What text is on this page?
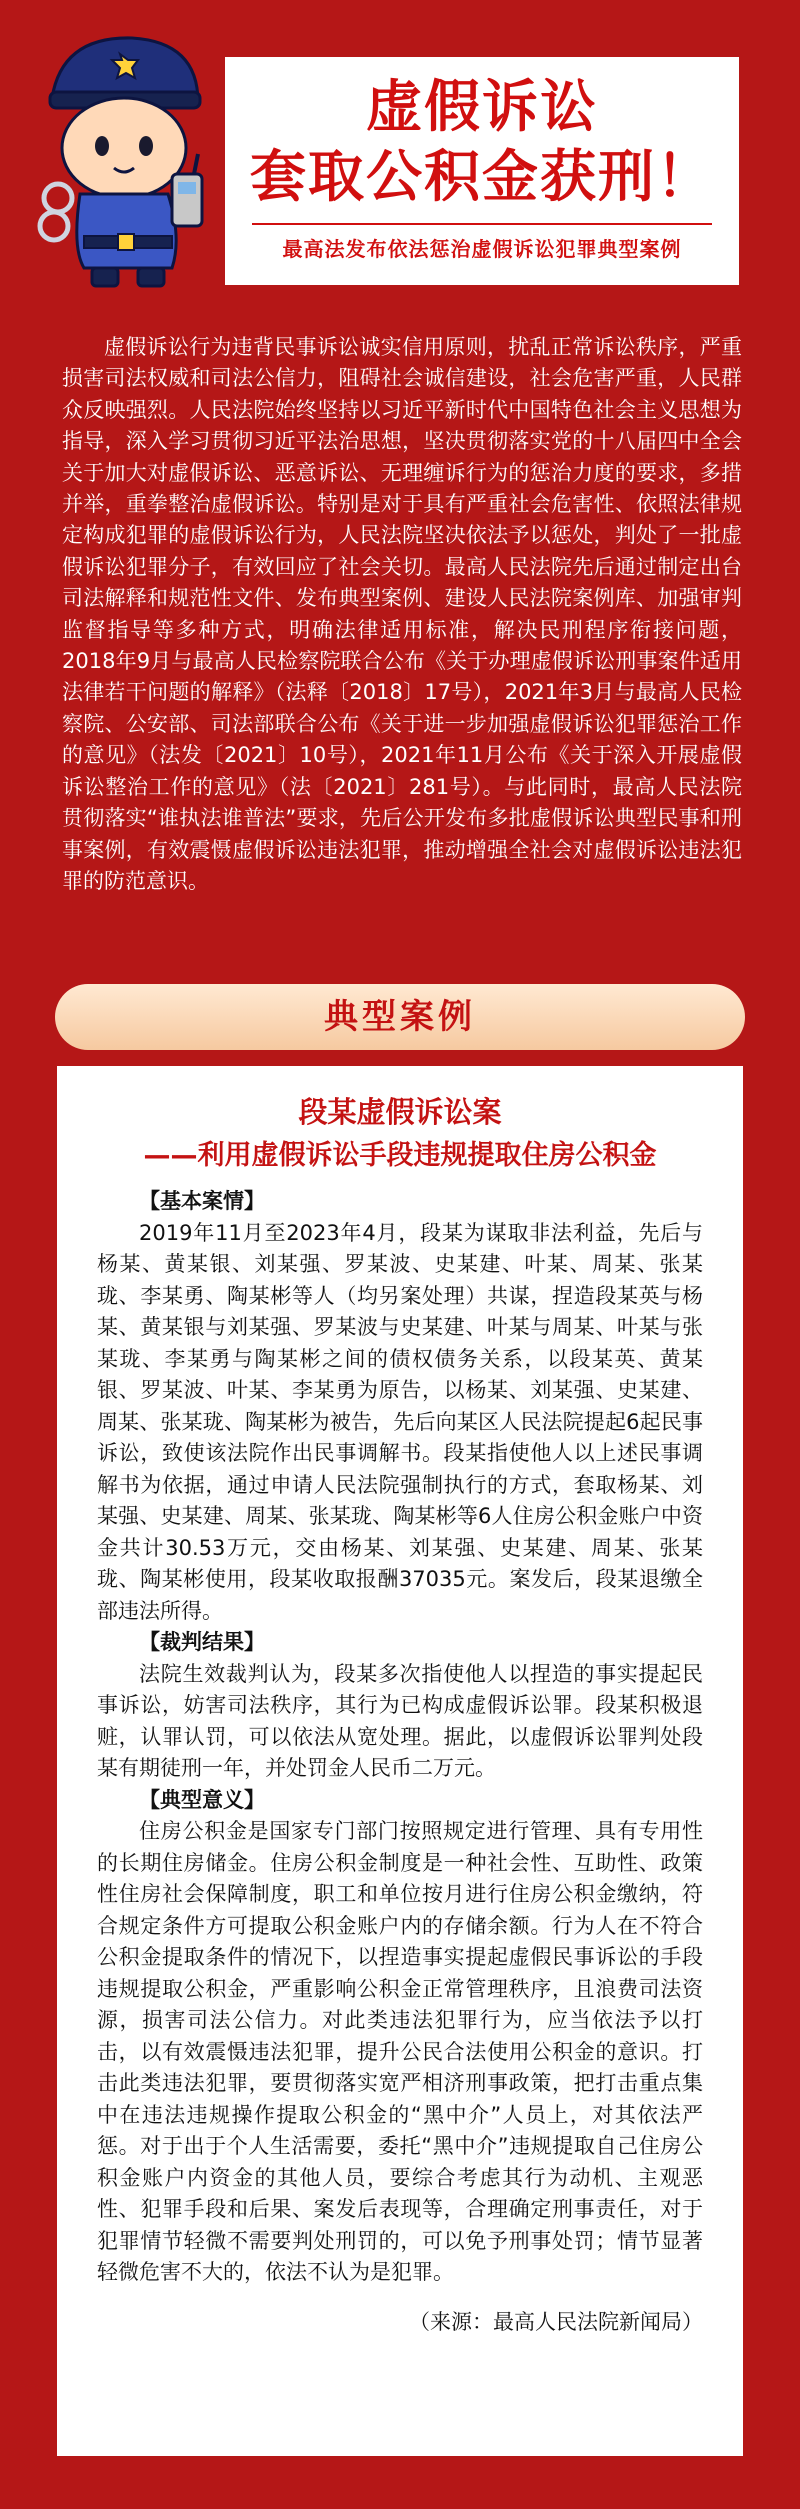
虚假诉讼
套取公积金获刑！
最高法发布依法惩治虚假诉讼犯罪典型案例
虚假诉讼行为违背民事诉讼诚实信用原则，扰乱正常诉讼秩序，严重损害司法权威和司法公信力，阻碍社会诚信建设，社会危害严重，人民群众反映强烈。人民法院始终坚持以习近平新时代中国特色社会主义思想为指导，深入学习贯彻习近平法治思想，坚决贯彻落实党的十八届四中全会关于加大对虚假诉讼、恶意诉讼、无理缠诉行为的惩治力度的要求，多措并举，重拳整治虚假诉讼。特别是对于具有严重社会危害性、依照法律规定构成犯罪的虚假诉讼行为，人民法院坚决依法予以惩处，判处了一批虚假诉讼犯罪分子，有效回应了社会关切。最高人民法院先后通过制定出台司法解释和规范性文件、发布典型案例、建设人民法院案例库、加强审判监督指导等多种方式，明确法律适用标准，解决民刑程序衔接问题，2018年9月与最高人民检察院联合公布《关于办理虚假诉讼刑事案件适用法律若干问题的解释》（法释〔2018〕17号），2021年3月与最高人民检察院、公安部、司法部联合公布《关于进一步加强虚假诉讼犯罪惩治工作的意见》（法发〔2021〕10号），2021年11月公布《关于深入开展虚假诉讼整治工作的意见》（法〔2021〕281号）。与此同时，最高人民法院贯彻落实“谁执法谁普法”要求，先后公开发布多批虚假诉讼典型民事和刑事案例，有效震慑虚假诉讼违法犯罪，推动增强全社会对虚假诉讼违法犯罪的防范意识。
典型案例
段某虚假诉讼案
——利用虚假诉讼手段违规提取住房公积金
【基本案情】
2019年11月至2023年4月，段某为谋取非法利益，先后与杨某、黄某银、刘某强、罗某波、史某建、叶某、周某、张某珑、李某勇、陶某彬等人（均另案处理）共谋，捏造段某英与杨某、黄某银与刘某强、罗某波与史某建、叶某与周某、叶某与张某珑、李某勇与陶某彬之间的债权债务关系，以段某英、黄某银、罗某波、叶某、李某勇为原告，以杨某、刘某强、史某建、周某、张某珑、陶某彬为被告，先后向某区人民法院提起6起民事诉讼，致使该法院作出民事调解书。段某指使他人以上述民事调解书为依据，通过申请人民法院强制执行的方式，套取杨某、刘某强、史某建、周某、张某珑、陶某彬等6人住房公积金账户中资金共计30.53万元，交由杨某、刘某强、史某建、周某、张某珑、陶某彬使用，段某收取报酬37035元。案发后，段某退缴全部违法所得。
【裁判结果】
法院生效裁判认为，段某多次指使他人以捏造的事实提起民事诉讼，妨害司法秩序，其行为已构成虚假诉讼罪。段某积极退赃，认罪认罚，可以依法从宽处理。据此，以虚假诉讼罪判处段某有期徒刑一年，并处罚金人民币二万元。
【典型意义】
住房公积金是国家专门部门按照规定进行管理、具有专用性的长期住房储金。住房公积金制度是一种社会性、互助性、政策性住房社会保障制度，职工和单位按月进行住房公积金缴纳，符合规定条件方可提取公积金账户内的存储余额。行为人在不符合公积金提取条件的情况下，以捏造事实提起虚假民事诉讼的手段违规提取公积金，严重影响公积金正常管理秩序，且浪费司法资源，损害司法公信力。对此类违法犯罪行为，应当依法予以打击，以有效震慑违法犯罪，提升公民合法使用公积金的意识。打击此类违法犯罪，要贯彻落实宽严相济刑事政策，把打击重点集中在违法违规操作提取公积金的“黑中介”人员上，对其依法严惩。对于出于个人生活需要，委托“黑中介”违规提取自己住房公积金账户内资金的其他人员，要综合考虑其行为动机、主观恶性、犯罪手段和后果、案发后表现等，合理确定刑事责任，对于犯罪情节轻微不需要判处刑罚的，可以免予刑事处罚；情节显著轻微危害不大的，依法不认为是犯罪。
（来源：最高人民法院新闻局）
